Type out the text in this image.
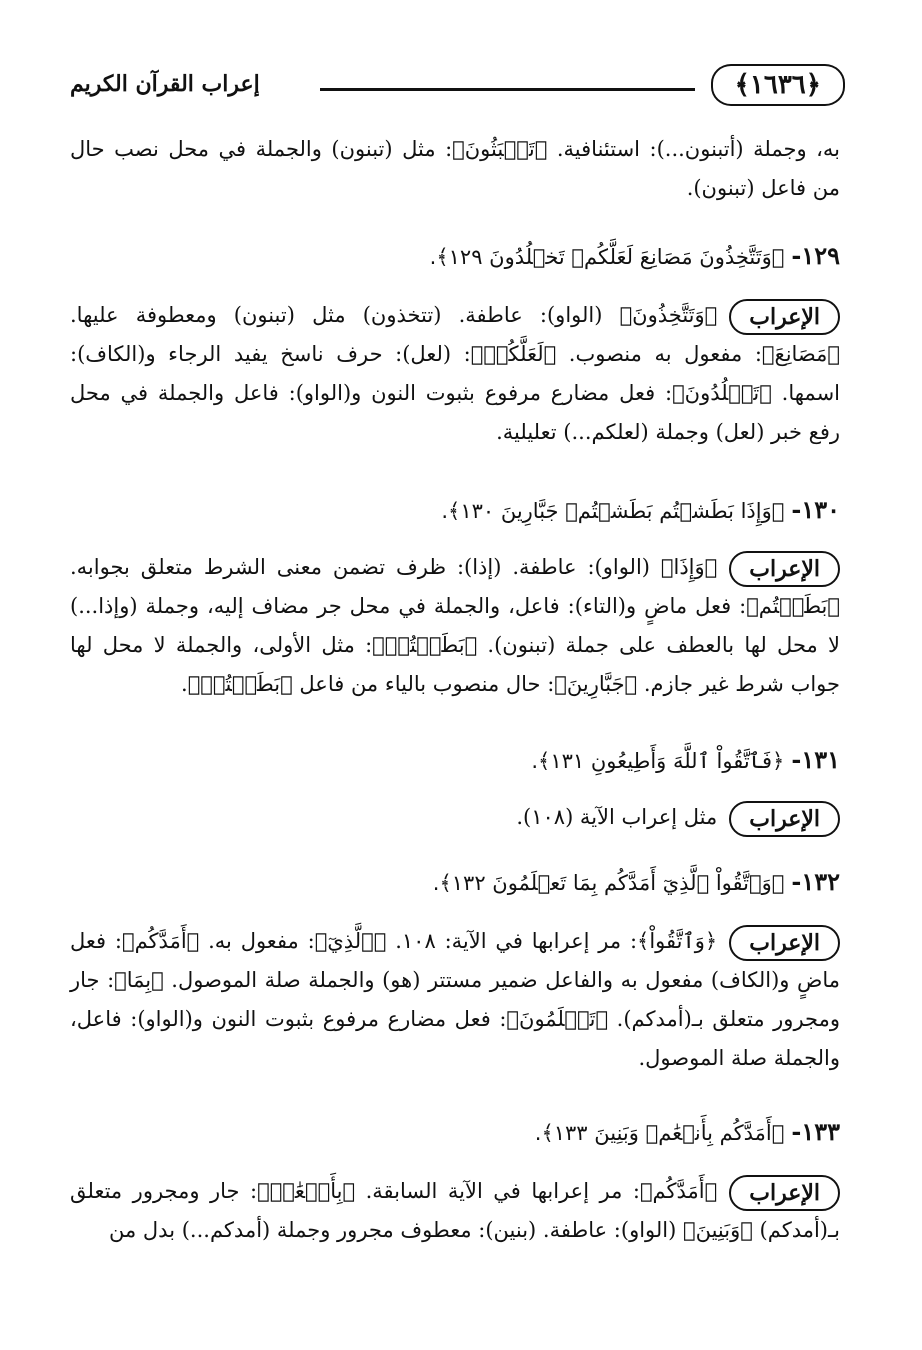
﴿١٦٣٦﴾
إعراب القرآن الكريم
به، وجملة (أتبنون...): استئنافية. ﴿تَعۡبَثُونَ﴾: مثل (تبنون) والجملة في محل نصب حال من فاعل (تبنون).
١٢٩- ﴿وَتَتَّخِذُونَ مَصَانِعَ لَعَلَّكُمۡ تَخۡلُدُونَ ١٢٩﴾.
الإعراب﴿وَتَتَّخِذُونَ﴾ (الواو): عاطفة. (تتخذون) مثل (تبنون) ومعطوفة عليها. ﴿مَصَانِعَ﴾: مفعول به منصوب. ﴿لَعَلَّكُمۡ﴾: (لعل): حرف ناسخ يفيد الرجاء و(الكاف): اسمها. ﴿تَخۡلُدُونَ﴾: فعل مضارع مرفوع بثبوت النون و(الواو): فاعل والجملة في محل رفع خبر (لعل) وجملة (لعلكم...) تعليلية.
١٣٠- ﴿وَإِذَا بَطَشۡتُم بَطَشۡتُمۡ جَبَّارِينَ ١٣٠﴾.
الإعراب﴿وَإِذَا﴾ (الواو): عاطفة. (إذا): ظرف تضمن معنى الشرط متعلق بجوابه. ﴿بَطَشۡتُم﴾: فعل ماضٍ و(التاء): فاعل، والجملة في محل جر مضاف إليه، وجملة (وإذا...) لا محل لها بالعطف على جملة (تبنون). ﴿بَطَشۡتُمۡ﴾: مثل الأولى، والجملة لا محل لها جواب شرط غير جازم. ﴿جَبَّارِينَ﴾: حال منصوب بالياء من فاعل ﴿بَطَشۡتُمۡ﴾.
١٣١- ﴿فَٱتَّقُواْ ٱللَّهَ وَأَطِيعُونِ ١٣١﴾.
الإعرابمثل إعراب الآية (١٠٨).
١٣٢- ﴿وَٱتَّقُواْ ٱلَّذِيٓ أَمَدَّكُم بِمَا تَعۡلَمُونَ ١٣٢﴾.
الإعراب﴿وَٱتَّقُواْ﴾: مر إعرابها في الآية: ١٠٨. ﴿ٱلَّذِيٓ﴾: مفعول به. ﴿أَمَدَّكُم﴾: فعل ماضٍ و(الكاف) مفعول به والفاعل ضمير مستتر (هو) والجملة صلة الموصول. ﴿بِمَا﴾: جار ومجرور متعلق بـ(أمدكم). ﴿تَعۡلَمُونَ﴾: فعل مضارع مرفوع بثبوت النون و(الواو): فاعل، والجملة صلة الموصول.
١٣٣- ﴿أَمَدَّكُم بِأَنۡعَٰمٖ وَبَنِينَ ١٣٣﴾.
الإعراب﴿أَمَدَّكُم﴾: مر إعرابها في الآية السابقة. ﴿بِأَنۡعَٰمٖ﴾: جار ومجرور متعلق بـ(أمدكم) ﴿وَبَنِينَ﴾ (الواو): عاطفة. (بنين): معطوف مجرور وجملة (أمدكم...) بدل من
